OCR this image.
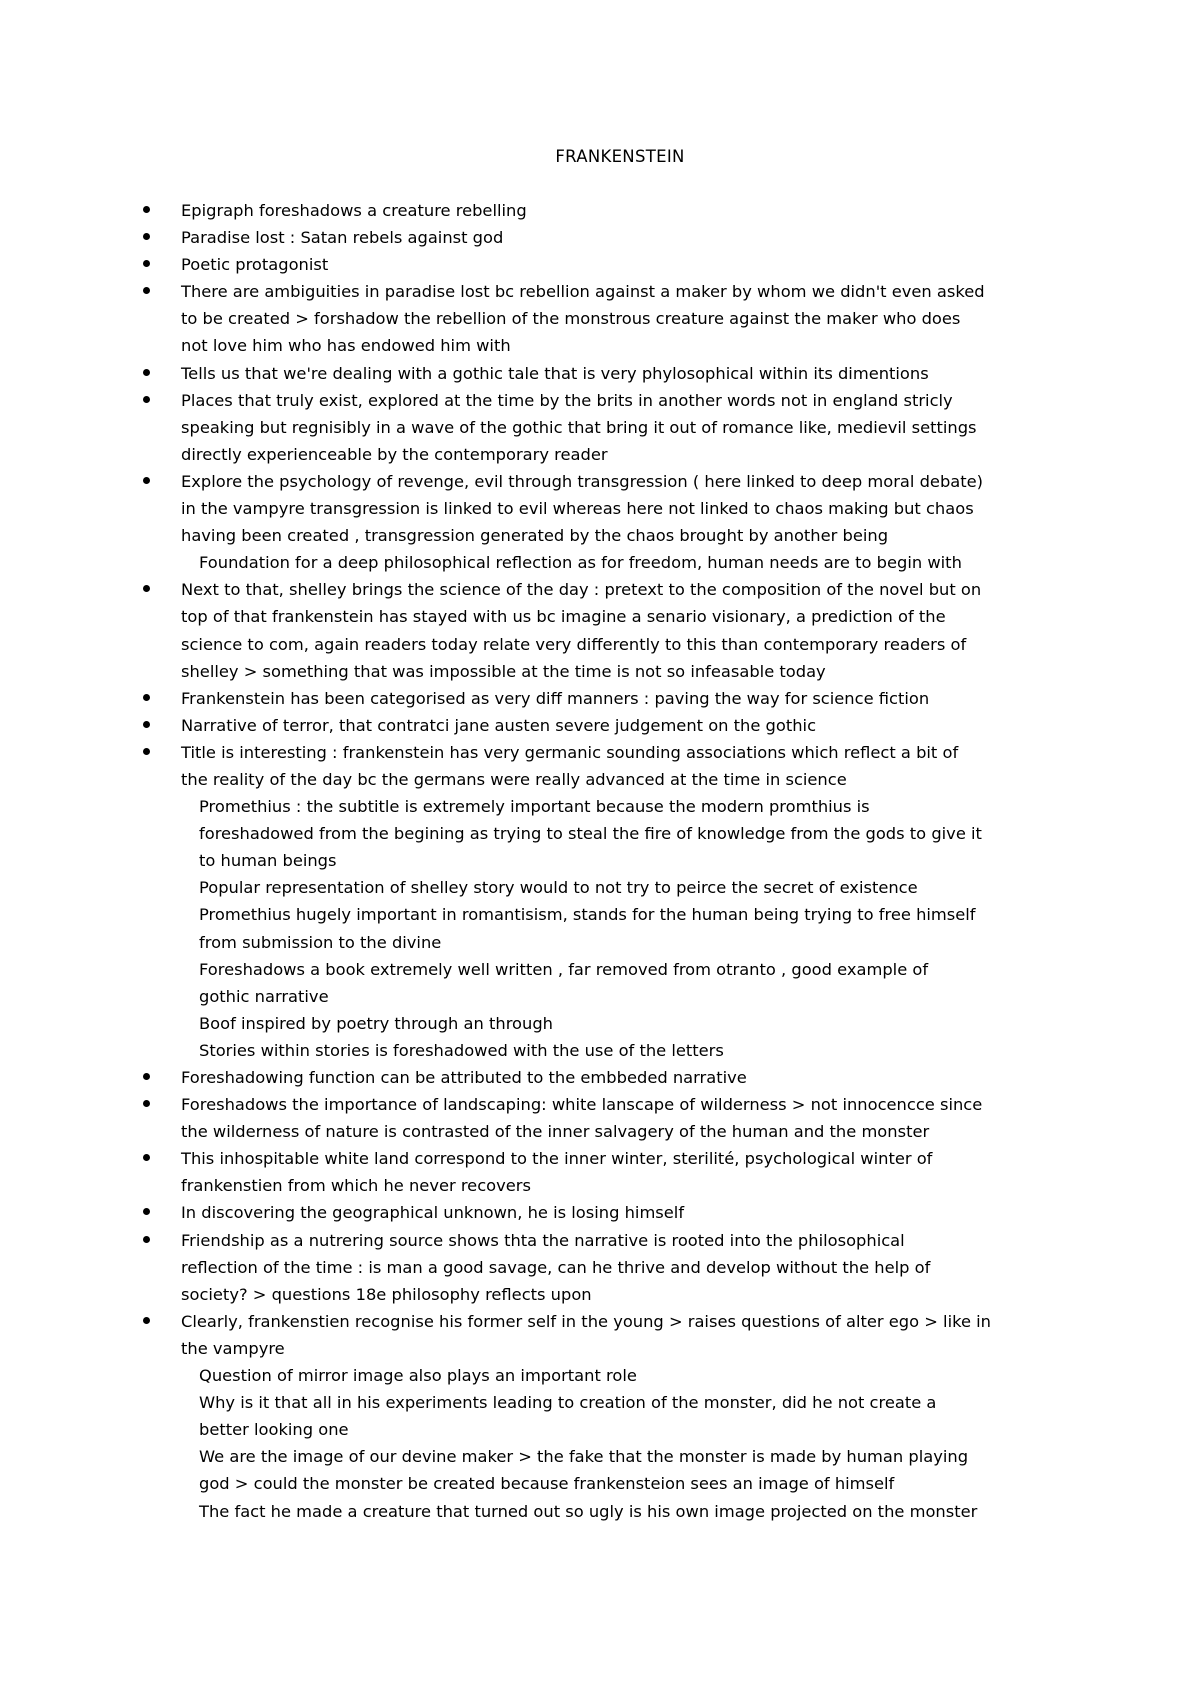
FRANKENSTEIN
Epigraph foreshadows a creature rebelling
Paradise lost : Satan rebels against god
Poetic protagonist
There are ambiguities in paradise lost bc rebellion against a maker by whom we didn't even asked
to be created > forshadow the rebellion of the monstrous creature against the maker who does
not love him who has endowed him with
Tells us that we're dealing with a gothic tale that is very phylosophical within its dimentions
Places that truly exist, explored at the time by the brits in another words not in england stricly
speaking but regnisibly in a wave of the gothic that bring it out of romance like, medievil settings
directly experienceable by the contemporary reader
Explore the psychology of revenge, evil through transgression ( here linked to deep moral debate)
in the vampyre transgression is linked to evil whereas here not linked to chaos making but chaos
having been created , transgression generated by the chaos brought by another being
Foundation for a deep philosophical reflection as for freedom, human needs are to begin with
Next to that, shelley brings the science of the day : pretext to the composition of the novel but on
top of that frankenstein has stayed with us bc imagine a senario visionary, a prediction of the
science to com, again readers today relate very differently to this than contemporary readers of
shelley > something that was impossible at the time is not so infeasable today
Frankenstein has been categorised as very diff manners : paving the way for science fiction
Narrative of terror, that contratci jane austen severe judgement on the gothic
Title is interesting : frankenstein has very germanic sounding associations which reflect a bit of
the reality of the day bc the germans were really advanced at the time in science
Promethius : the subtitle is extremely important because the modern promthius is
foreshadowed from the begining as trying to steal the fire of knowledge from the gods to give it
to human beings
Popular representation of shelley story would to not try to peirce the secret of existence
Promethius hugely important in romantisism, stands for the human being trying to free himself
from submission to the divine
Foreshadows a book extremely well written , far removed from otranto , good example of
gothic narrative
Boof inspired by poetry through an through
Stories within stories is foreshadowed with the use of the letters
Foreshadowing function can be attributed to the embbeded narrative
Foreshadows the importance of landscaping: white lanscape of wilderness > not innocencce since
the wilderness of nature is contrasted of the inner salvagery of the human and the monster
This inhospitable white land correspond to the inner winter, sterilité, psychological winter of
frankenstien from which he never recovers
In discovering the geographical unknown, he is losing himself
Friendship as a nutrering source shows thta the narrative is rooted into the philosophical
reflection of the time : is man a good savage, can he thrive and develop without the help of
society? > questions 18e philosophy reflects upon
Clearly, frankenstien recognise his former self in the young > raises questions of alter ego > like in
the vampyre
Question of mirror image also plays an important role
Why is it that all in his experiments leading to creation of the monster, did he not create a
better looking one
We are the image of our devine maker > the fake that the monster is made by human playing
god > could the monster be created because frankensteion sees an image of himself
The fact he made a creature that turned out so ugly is his own image projected on the monster
